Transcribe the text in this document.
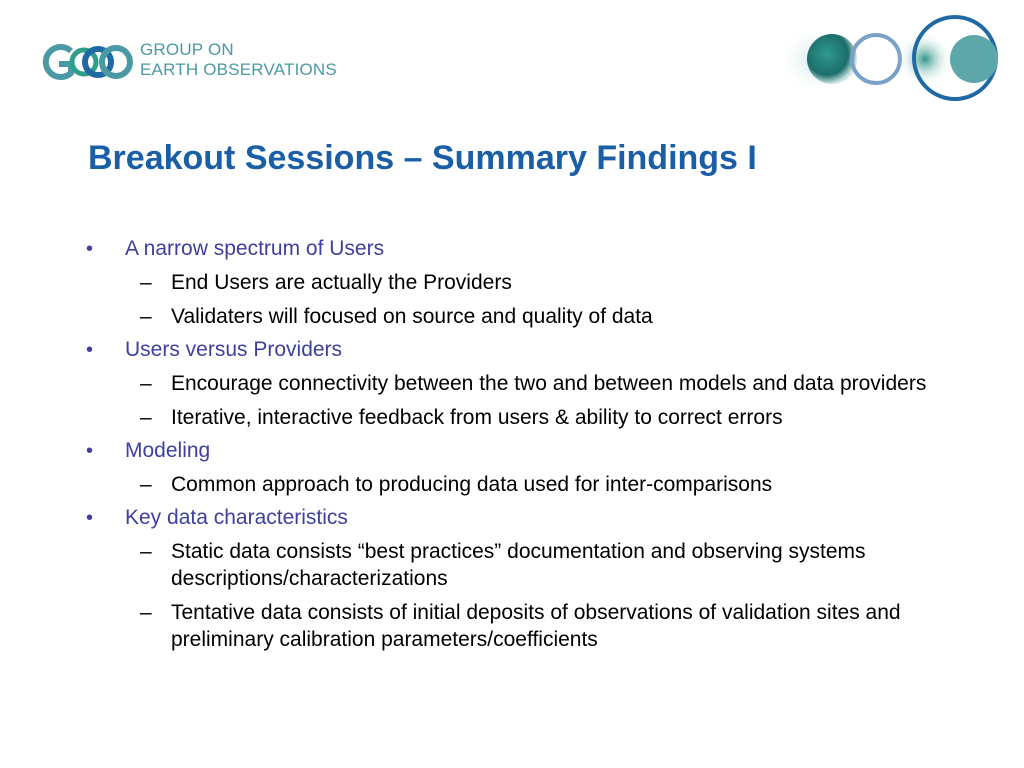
GROUP ON
EARTH OBSERVATIONS
Breakout Sessions – Summary Findings I
• A narrow spectrum of Users
– End Users are actually the Providers
– Validaters will focused on source and quality of data
• Users versus Providers
– Encourage connectivity between the two and between models and data providers
– Iterative, interactive feedback from users & ability to correct errors
• Modeling
– Common approach to producing data used for inter-comparisons
• Key data characteristics
– Static data consists “best practices” documentation and observing systems descriptions/characterizations
– Tentative data consists of initial deposits of observations of validation sites and preliminary calibration parameters/coefficients
